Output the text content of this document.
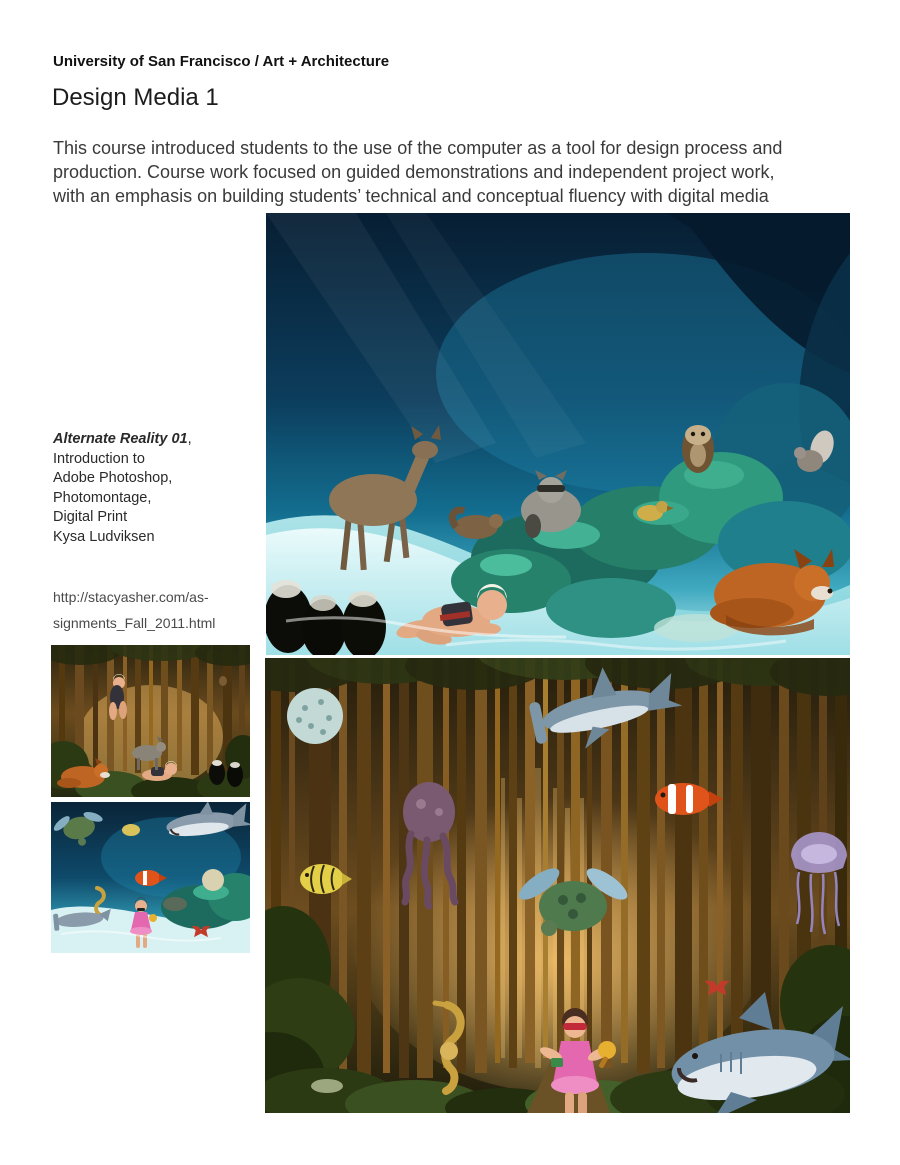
University of San Francisco / Art + Architecture
Design Media 1
This course introduced students to the use of the computer as a tool for design process and
production. Course work focused on guided demonstrations and independent project work,
with an emphasis on building students’ technical and conceptual fluency with digital media
Alternate Reality 01,
Introduction to
Adobe Photoshop,
Photomontage,
Digital Print
Kysa Ludviksen
http://stacyasher.com/as-
signments_Fall_2011.html
